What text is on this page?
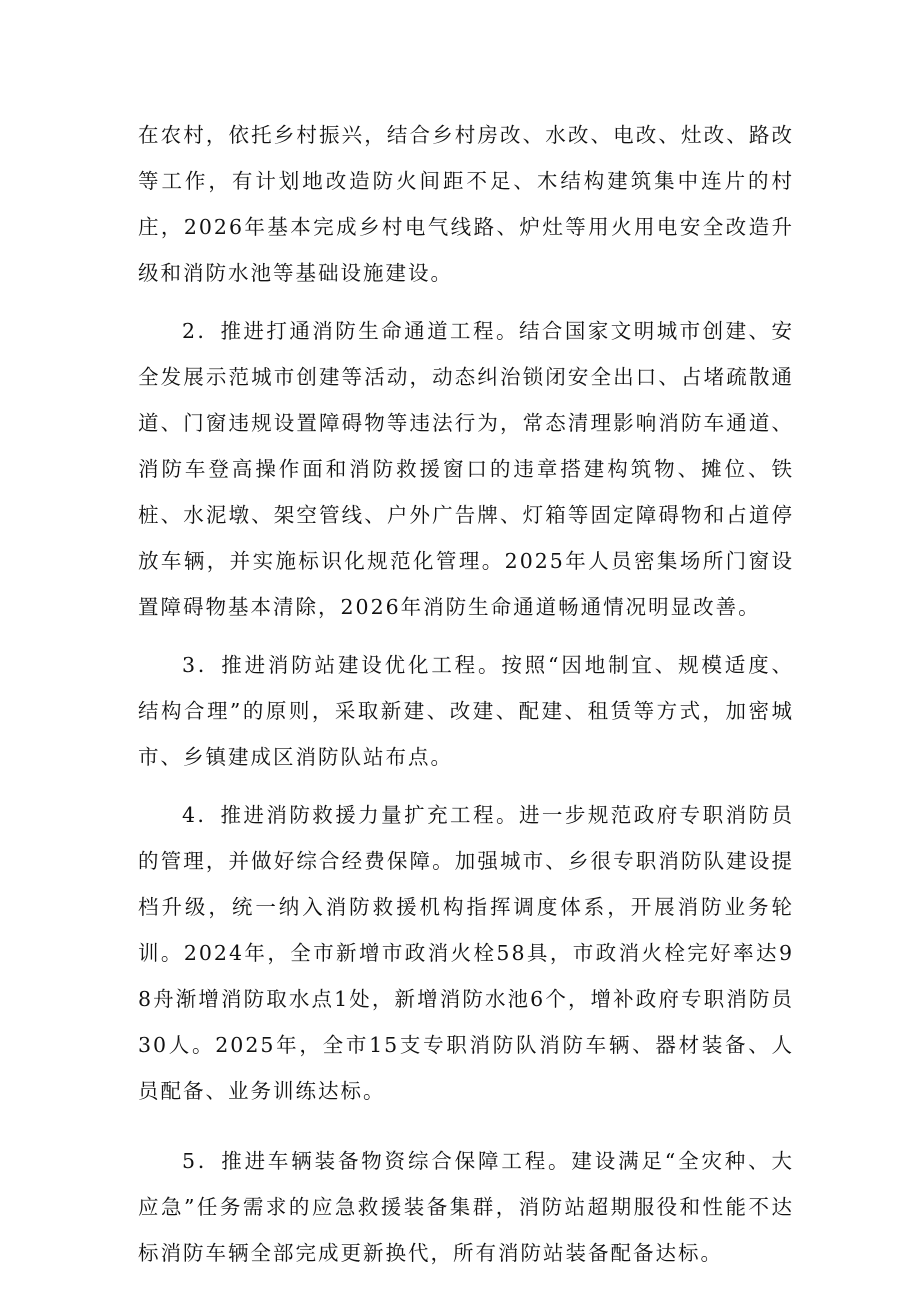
在农村，依托乡村振兴，结合乡村房改、水改、电改、灶改、路改等工作，有计划地改造防火间距不足、木结构建筑集中连片的村庄，2026年基本完成乡村电气线路、炉灶等用火用电安全改造升级和消防水池等基础设施建设。

2．推进打通消防生命通道工程。结合国家文明城市创建、安全发展示范城市创建等活动，动态纠治锁闭安全出口、占堵疏散通道、门窗违规设置障碍物等违法行为，常态清理影响消防车通道、消防车登高操作面和消防救援窗口的违章搭建构筑物、摊位、铁桩、水泥墩、架空管线、户外广告牌、灯箱等固定障碍物和占道停放车辆，并实施标识化规范化管理。2025年人员密集场所门窗设置障碍物基本清除，2026年消防生命通道畅通情况明显改善。

3．推进消防站建设优化工程。按照“因地制宜、规模适度、结构合理”的原则，采取新建、改建、配建、租赁等方式，加密城市、乡镇建成区消防队站布点。

4．推进消防救援力量扩充工程。进一步规范政府专职消防员的管理，并做好综合经费保障。加强城市、乡很专职消防队建设提档升级，统一纳入消防救援机构指挥调度体系，开展消防业务轮训。2024年，全市新增市政消火栓58具，市政消火栓完好率达98舟渐增消防取水点1处，新增消防水池6个，增补政府专职消防员30人。2025年，全市15支专职消防队消防车辆、器材装备、人员配备、业务训练达标。

5．推进车辆装备物资综合保障工程。建设满足“全灾种、大应急”任务需求的应急救援装备集群，消防站超期服役和性能不达标消防车辆全部完成更新换代，所有消防站装备配备达标。
